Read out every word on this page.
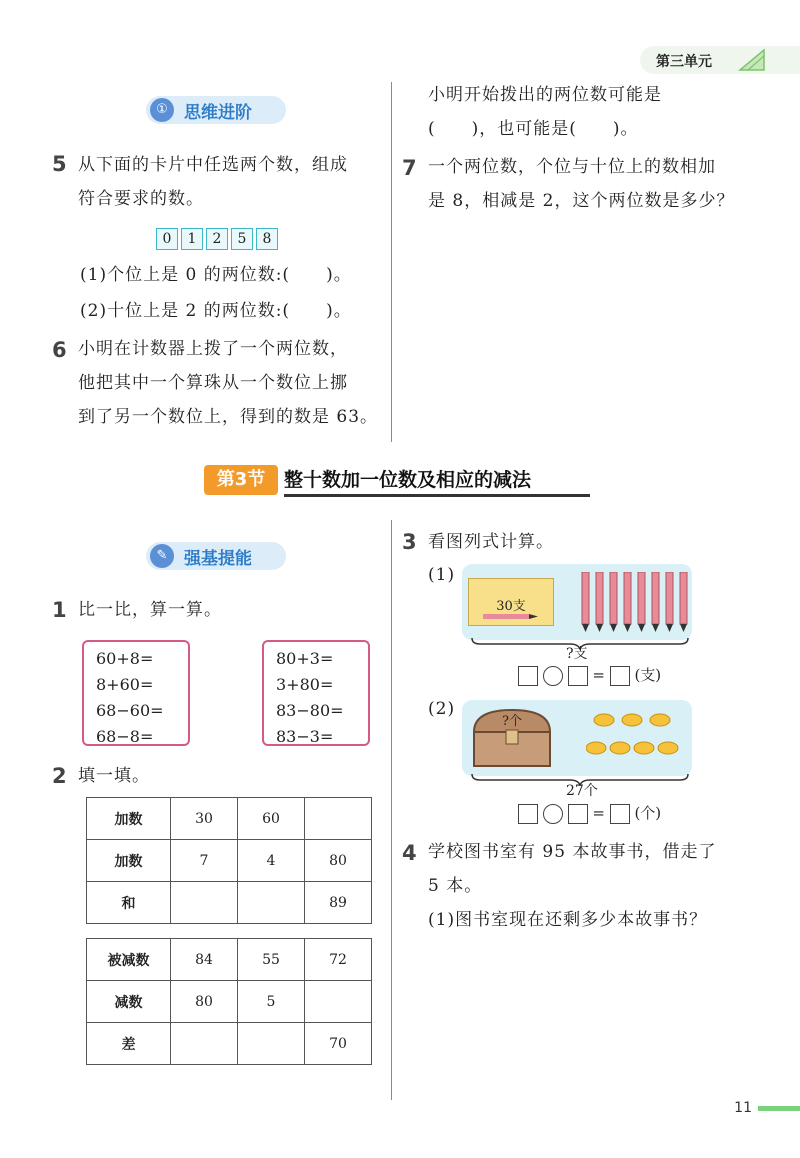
第三单元
① 思维进阶
5 从下面的卡片中任选两个数，组成
符合要求的数。
0 1 2 5 8
(1)个位上是 0 的两位数:(　　)。
(2)十位上是 2 的两位数:(　　)。
6 小明在计数器上拨了一个两位数，
他把其中一个算珠从一个数位上挪
到了另一个数位上，得到的数是 63。
小明开始拨出的两位数可能是
(　　)，也可能是(　　)。
7 一个两位数，个位与十位上的数相加
是 8，相减是 2，这个两位数是多少？
第3节 整十数加一位数及相应的减法
✎ 强基提能
1 比一比，算一算。
60+8=
8+60=
68−60=
68−8=
80+3=
3+80=
83−80=
83−3=
2 填一填。
加数	30	60	
加数	7	4	80
和			89
被减数	84	55	72
减数	80	5	
差			70
3 看图列式计算。
(1)
30支
?支
=  (支)
(2)
?个
27个
=  (个)
4 学校图书室有 95 本故事书，借走了
5 本。
(1)图书室现在还剩多少本故事书？
11
